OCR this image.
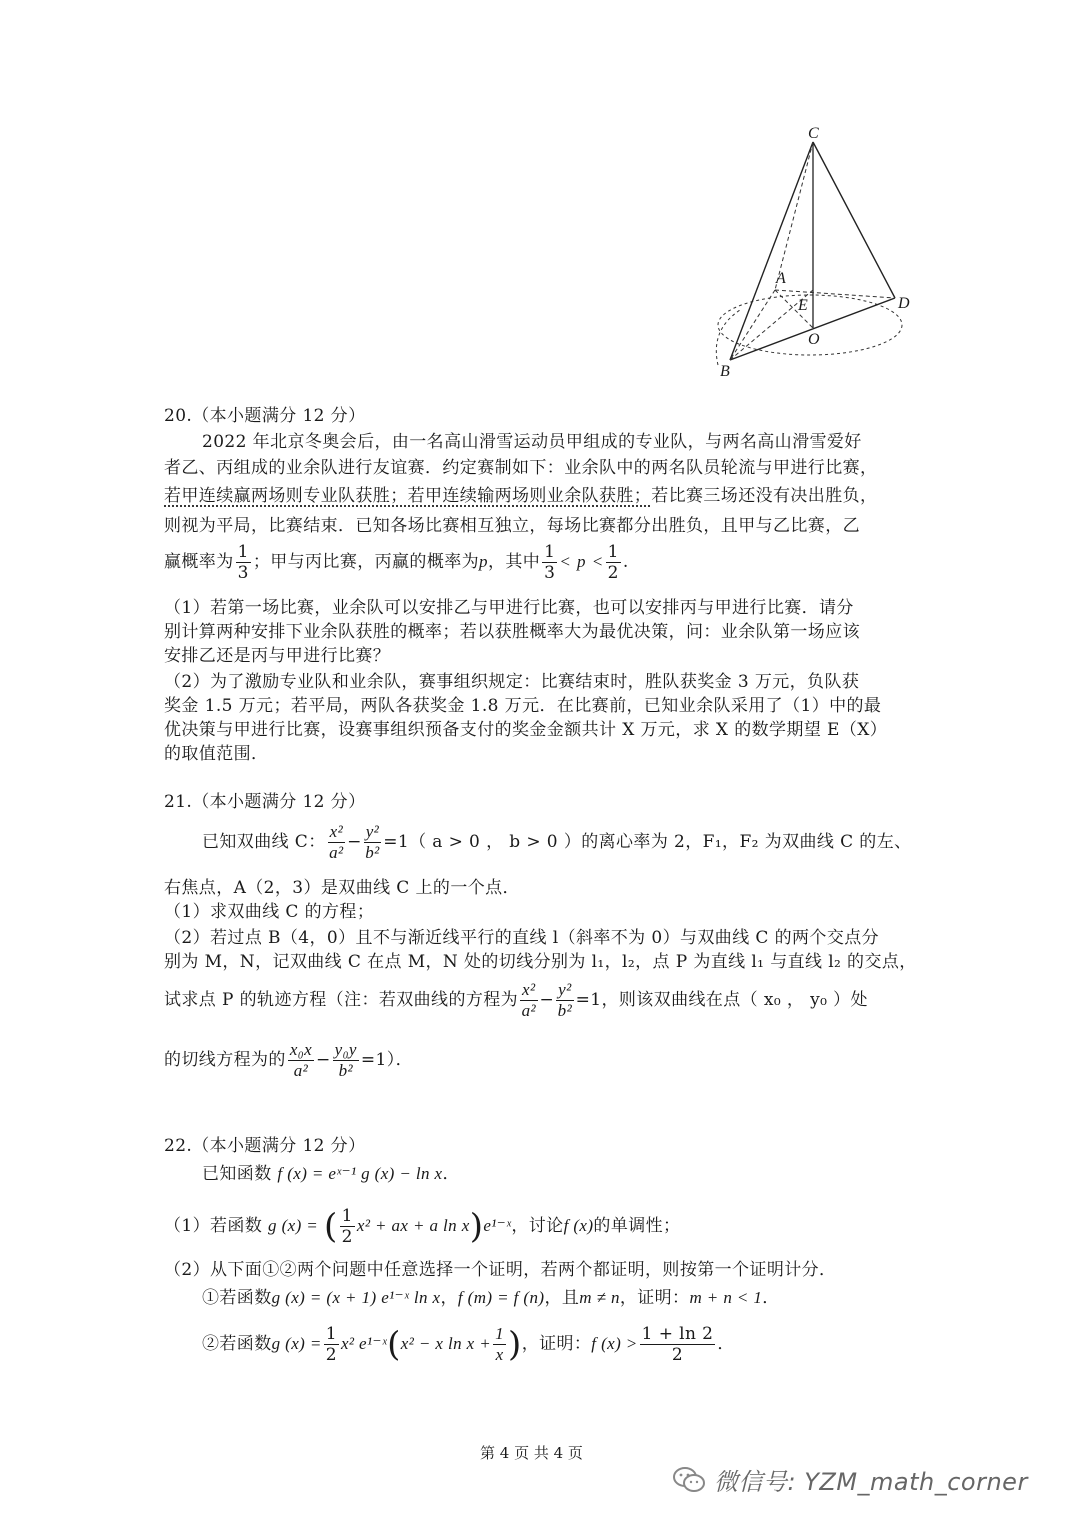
C
A
E	D
O
B
20.（本小题满分 12 分）
2022 年北京冬奥会后，由一名高山滑雪运动员甲组成的专业队，与两名高山滑雪爱好
者乙、丙组成的业余队进行友谊赛．约定赛制如下：业余队中的两名队员轮流与甲进行比赛，
若甲连续赢两场则专业队获胜；若甲连续输两场则业余队获胜；若比赛三场还没有决出胜负，
则视为平局，比赛结束．已知各场比赛相互独立，每场比赛都分出胜负，且甲与乙比赛，乙
赢概率为 $\frac{1}{3}$ ；甲与丙比赛，丙赢的概率为p，其中 $\frac{1}{3} < p < \frac{1}{2}$ .
（1）若第一场比赛，业余队可以安排乙与甲进行比赛，也可以安排丙与甲进行比赛．请分
别计算两种安排下业余队获胜的概率；若以获胜概率大为最优决策，问：业余队第一场应该
安排乙还是丙与甲进行比赛？
（2）为了激励专业队和业余队，赛事组织规定：比赛结束时，胜队获奖金 3 万元，负队获
奖金 1.5 万元；若平局，两队各获奖金 1.8 万元．在比赛前，已知业余队采用了（1）中的最
优决策与甲进行比赛，设赛事组织预备支付的奖金金额共计 X 万元，求 X 的数学期望 E（X）
的取值范围．
21.（本小题满分 12 分）
已知双曲线 C： $\frac{\text{x²}}{\text{a²}} - \frac{\text{y²}}{\text{b²}} =1$（ a > 0 ， b > 0 ）的离心率为 2，F₁，F₂ 为双曲线 C 的左、
右焦点，A（2，3）是双曲线 C 上的一个点．
（1）求双曲线 C 的方程；
（2）若过点 B（4，0）且不与渐近线平行的直线 l（斜率不为 0）与双曲线 C 的两个交点分
别为 M，N，记双曲线 C 在点 M，N 处的切线分别为 l₁，l₂，点 P 为直线 l₁ 与直线 l₂ 的交点，
试求点 P 的轨迹方程（注：若双曲线的方程为 $\frac{\text{x²}}{\text{a²}} - \frac{\text{y²}}{\text{b²}} =1$，则该双曲线在点（ x₀ ， y₀ ）处
的切线方程为的 $\frac{\text{x₀x}}{\text{a²}} - \frac{\text{y₀y}}{\text{b²}} =1$）．
22.（本小题满分 12 分）
已知函数 f (x) = eˣ⁻¹ g (x) − ln x．
（1）若函数 g (x) = ( $\frac{1}{2} x^2$ + ax + a ln x)e¹⁻ˣ，讨论f (x)的单调性；
（2）从下面①②两个问题中任意选择一个证明，若两个都证明，则按第一个证明计分．
①若函数g (x) = (x + 1) e¹⁻ˣ ln x，f (m) = f (n)，且m ≠ n，证明：m + n < 1．
②若函数g $(x) = \frac{1}{2} x^2$ e¹⁻ˣ(x² − x $\ln x + \frac{1}{x}$ )，证明：f $(x) > \frac{1 + \ln 2}{2}$ ．
第 4 页 共 4 页
微信号: YZM_math_corner
